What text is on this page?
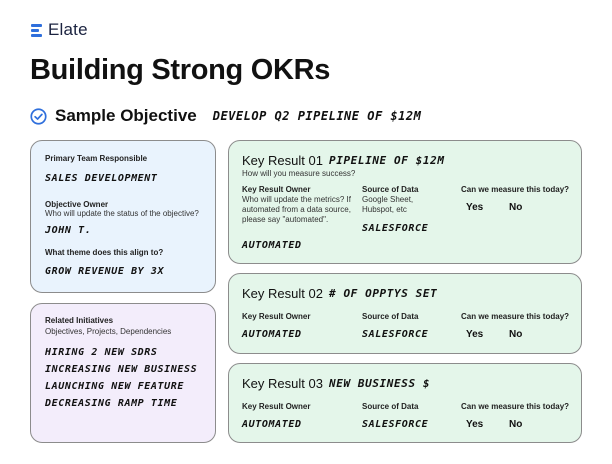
Elate
Building Strong OKRs
Sample Objective DEVELOP Q2 PIPELINE OF $12M
Primary Team Responsible
SALES DEVELOPMENT
Objective Owner
Who will update the status of the objective?
JOHN T.
What theme does this align to?
GROW REVENUE BY 3X
Related Initiatives
Objectives, Projects, Dependencies
HIRING 2 NEW SDRS
INCREASING NEW BUSINESS
LAUNCHING NEW FEATURE
DECREASING RAMP TIME
Key Result 01 PIPELINE OF $12M
How will you measure success?
Key Result Owner
Who will update the metrics? If automated from a data source, please say "automated".
AUTOMATED
Source of Data
Google Sheet, Hubspot, etc
SALESFORCE
Can we measure this today?
Yes	No
Key Result 02 # OF OPPTYS SET
Key Result Owner
AUTOMATED
Source of Data
SALESFORCE
Can we measure this today?
Yes	No
Key Result 03 NEW BUSINESS $
Key Result Owner
AUTOMATED
Source of Data
SALESFORCE
Can we measure this today?
Yes	No
